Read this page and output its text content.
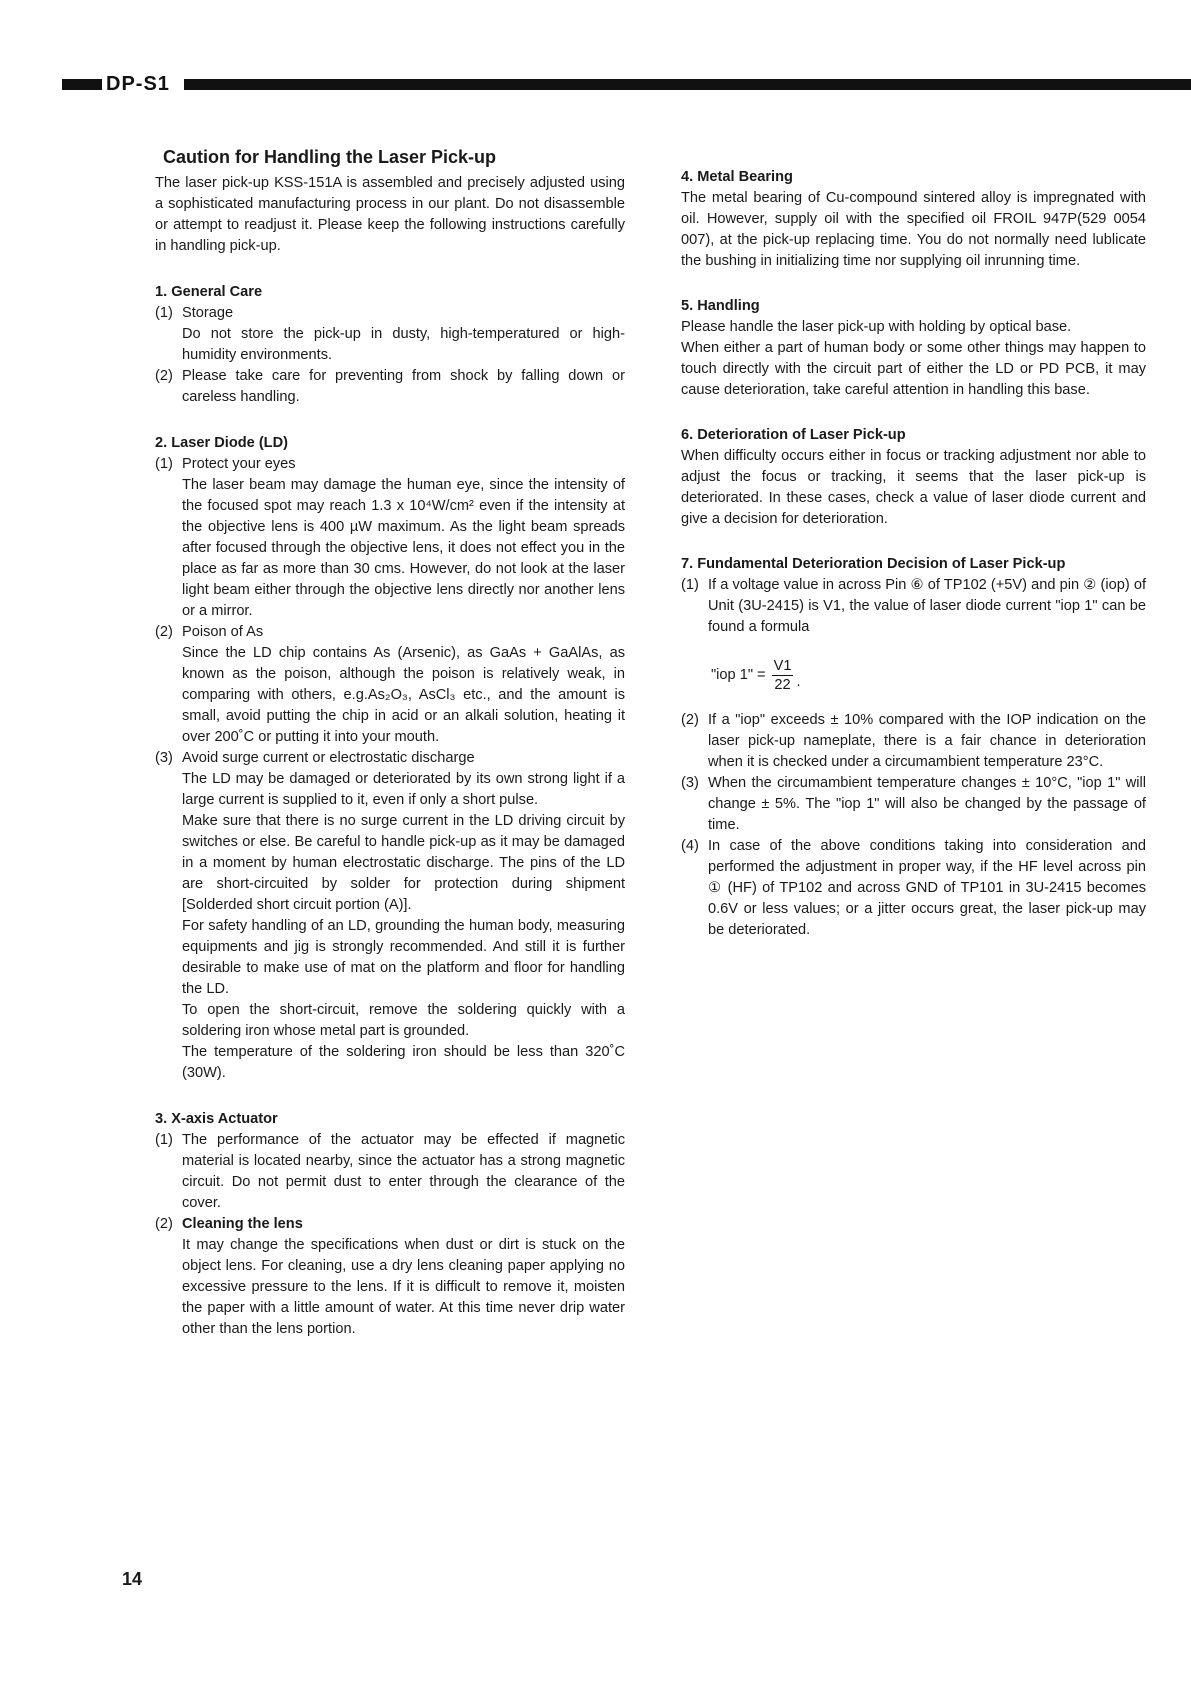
DP-S1
Caution for Handling the Laser Pick-up

The laser pick-up KSS-151A is assembled and precisely adjusted using a sophisticated manufacturing process in our plant. Do not disassemble or attempt to readjust it. Please keep the following instructions carefully in handling pick-up.

1. General Care
(1) Storage

Do not store the pick-up in dusty, high-temperatured or high-humidity environments.

(2) Please take care for preventing from shock by falling down or careless handling.
2. Laser Diode (LD)
(1) Protect your eyes

The laser beam may damage the human eye, since the intensity of the focused spot may reach 1.3 x 10⁴W/cm² even if the intensity at the objective lens is 400 µW maximum. As the light beam spreads after focused through the objective lens, it does not effect you in the place as far as more than 30 cms. However, do not look at the laser light beam either through the objective lens directly nor another lens or a mirror.

(2) Poison of As

Since the LD chip contains As (Arsenic), as GaAs + GaAlAs, as known as the poison, although the poison is relatively weak, in comparing with others, e.g.As₂O₃, AsCl₃ etc., and the amount is small, avoid putting the chip in acid or an alkali solution, heating it over 200˚C or putting it into your mouth.

(3) Avoid surge current or electrostatic discharge

The LD may be damaged or deteriorated by its own strong light if a large current is supplied to it, even if only a short pulse.

Make sure that there is no surge current in the LD driving circuit by switches or else. Be careful to handle pick-up as it may be damaged in a moment by human electrostatic discharge. The pins of the LD are short-circuited by solder for protection during shipment [Solderded short circuit portion (A)].

For safety handling of an LD, grounding the human body, measuring equipments and jig is strongly recommended. And still it is further desirable to make use of mat on the platform and floor for handling the LD.

To open the short-circuit, remove the soldering quickly with a soldering iron whose metal part is grounded.

The temperature of the soldering iron should be less than 320˚C (30W).

3. X-axis Actuator
(1) The performance of the actuator may be effected if magnetic material is located nearby, since the actuator has a strong magnetic circuit. Do not permit dust to enter through the clearance of the cover.
(2) Cleaning the lens

It may change the specifications when dust or dirt is stuck on the object lens. For cleaning, use a dry lens cleaning paper applying no excessive pressure to the lens. If it is difficult to remove it, moisten the paper with a little amount of water. At this time never drip water other than the lens portion.

4. Metal Bearing

The metal bearing of Cu-compound sintered alloy is impregnated with oil. However, supply oil with the specified oil FROIL 947P(529 0054 007), at the pick-up replacing time. You do not normally need lublicate the bushing in initializing time nor supplying oil inrunning time.

5. Handling

Please handle the laser pick-up with holding by optical base.

When either a part of human body or some other things may happen to touch directly with the circuit part of either the LD or PD PCB, it may cause deterioration, take careful attention in handling this base.

6. Deterioration of Laser Pick-up

When difficulty occurs either in focus or tracking adjustment nor able to adjust the focus or tracking, it seems that the laser pick-up is deteriorated. In these cases, check a value of laser diode current and give a decision for deterioration.

7. Fundamental Deterioration Decision of Laser Pick-up
(1) If a voltage value in across Pin ⑥ of TP102 (+5V) and pin ② (iop) of Unit (3U-2415) is V1, the value of laser diode current "iop 1" can be found a formula
"iop 1" = $\frac{V1}{22}$ .
(2) If a "iop" exceeds ± 10% compared with the IOP indication on the laser pick-up nameplate, there is a fair chance in deterioration when it is checked under a circumambient temperature 23°C.
(3) When the circumambient temperature changes ± 10°C, "iop 1" will change ± 5%. The "iop 1" will also be changed by the passage of time.
(4) In case of the above conditions taking into consideration and performed the adjustment in proper way, if the HF level across pin ① (HF) of TP102 and across GND of TP101 in 3U-2415 becomes 0.6V or less values; or a jitter occurs great, the laser pick-up may be deteriorated.
14
